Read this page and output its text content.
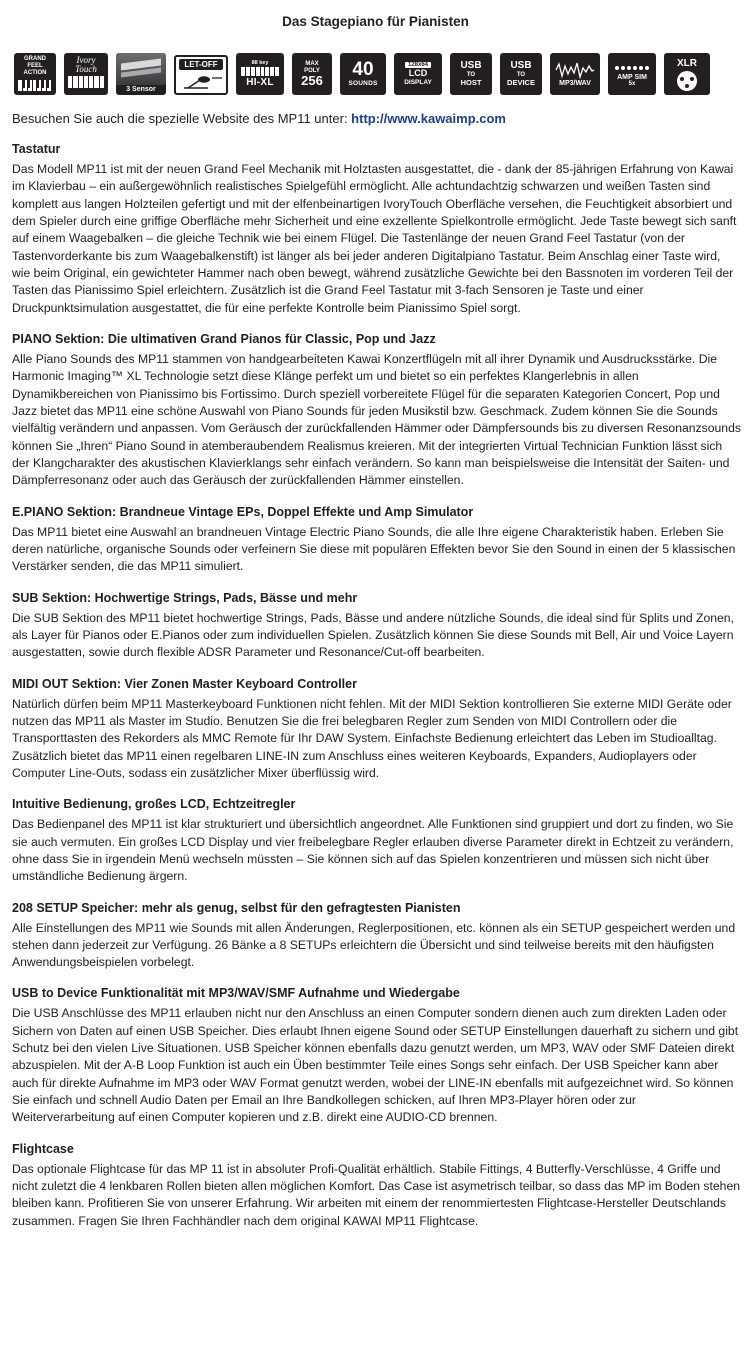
Das Stagepiano für Pianisten
GRAND
FEEL
ACTION
Ivory
Touch
3 Sensor
LET-OFF	88 key
HI-XL
MAX
POLY
256 40
SOUNDS
128x64
LCD
DISPLAY
USB
TO
HOST
USB
TO
DEVICE	MP3/WAV
AMP SIM
5x
XLR

Besuchen Sie auch die spezielle Website des MP11 unter: http://www.kawaimp.com

Tastatur

Das Modell MP11 ist mit der neuen Grand Feel Mechanik mit Holztasten ausgestattet, die - dank der 85-jährigen Erfahrung von Kawai im Klavierbau – ein außergewöhnlich realistisches Spielgefühl ermöglicht. Alle achtundachtzig schwarzen und weißen Tasten sind komplett aus langen Holzteilen gefertigt und mit der elfenbeinartigen IvoryTouch Oberfläche versehen, die Feuchtigkeit absorbiert und dem Spieler durch eine griffige Oberfläche mehr Sicherheit und eine exzellente Spielkontrolle ermöglicht. Jede Taste bewegt sich sanft auf einem Waagebalken – die gleiche Technik wie bei einem Flügel. Die Tastenlänge der neuen Grand Feel Tastatur (von der Tastenvorderkante bis zum Waagebalkenstift) ist länger als bei jeder anderen Digitalpiano Tastatur. Beim Anschlag einer Taste wird, wie beim Original, ein gewichteter Hammer nach oben bewegt, während zusätzliche Gewichte bei den Bassnoten im vorderen Teil der Tasten das Pianissimo Spiel erleichtern. Zusätzlich ist die Grand Feel Tastatur mit 3-fach Sensoren je Taste und einer Druckpunktsimulation ausgestattet, die für eine perfekte Kontrolle beim Pianissimo Spiel sorgt.

PIANO Sektion: Die ultimativen Grand Pianos für Classic, Pop und Jazz

Alle Piano Sounds des MP11 stammen von handgearbeiteten Kawai Konzertflügeln mit all ihrer Dynamik und Ausdrucksstärke. Die Harmonic Imaging™ XL Technologie setzt diese Klänge perfekt um und bietet so ein perfektes Klangerlebnis in allen Dynamikbereichen von Pianissimo bis Fortissimo. Durch speziell vorbereitete Flügel für die separaten Kategorien Concert, Pop und Jazz bietet das MP11 eine schöne Auswahl von Piano Sounds für jeden Musikstil bzw. Geschmack. Zudem können Sie die Sounds vielfältig verändern und anpassen. Vom Geräusch der zurückfallenden Hämmer oder Dämpfersounds bis zu diversen Resonanzsounds können Sie „Ihren“ Piano Sound in atemberaubendem Realismus kreieren. Mit der integrierten Virtual Technician Funktion lässt sich der Klangcharakter des akustischen Klavierklangs sehr einfach verändern. So kann man beispielsweise die Intensität der Saiten- und Dämpferresonanz oder auch das Geräusch der zurückfallenden Hämmer einstellen.

E.PIANO Sektion: Brandneue Vintage EPs, Doppel Effekte und Amp Simulator

Das MP11 bietet eine Auswahl an brandneuen Vintage Electric Piano Sounds, die alle Ihre eigene Charakteristik haben. Erleben Sie deren natürliche, organische Sounds oder verfeinern Sie diese mit populären Effekten bevor Sie den Sound in einen der 5 klassischen Verstärker senden, die das MP11 simuliert.

SUB Sektion: Hochwertige Strings, Pads, Bässe und mehr

Die SUB Sektion des MP11 bietet hochwertige Strings, Pads, Bässe und andere nützliche Sounds, die ideal sind für Splits und Zonen, als Layer für Pianos oder E.Pianos oder zum individuellen Spielen. Zusätzlich können Sie diese Sounds mit Bell, Air und Voice Layern ausgestatten, sowie durch flexible ADSR Parameter und Resonance/Cut-off bearbeiten.

MIDI OUT Sektion: Vier Zonen Master Keyboard Controller

Natürlich dürfen beim MP11 Masterkeyboard Funktionen nicht fehlen. Mit der MIDI Sektion kontrollieren Sie externe MIDI Geräte oder nutzen das MP11 als Master im Studio. Benutzen Sie die frei belegbaren Regler zum Senden von MIDI Controllern oder die Transporttasten des Rekorders als MMC Remote für Ihr DAW System. Einfachste Bedienung erleichtert das Leben im Studioalltag. Zusätzlich bietet das MP11 einen regelbaren LINE-IN zum Anschluss eines weiteren Keyboards, Expanders, Audioplayers oder Computer Line-Outs, sodass ein zusätzlicher Mixer überflüssig wird.

Intuitive Bedienung, großes LCD, Echtzeitregler

Das Bedienpanel des MP11 ist klar strukturiert und übersichtlich angeordnet. Alle Funktionen sind gruppiert und dort zu finden, wo Sie sie auch vermuten. Ein großes LCD Display und vier freibelegbare Regler erlauben diverse Parameter direkt in Echtzeit zu verändern, ohne dass Sie in irgendein Menü wechseln müssten – Sie können sich auf das Spielen konzentrieren und müssen sich nicht über umständliche Bedienung ärgern.

208 SETUP Speicher: mehr als genug, selbst für den gefragtesten Pianisten

Alle Einstellungen des MP11 wie Sounds mit allen Änderungen, Reglerpositionen, etc. können als ein SETUP gespeichert werden und stehen dann jederzeit zur Verfügung. 26 Bänke a 8 SETUPs erleichtern die Übersicht und sind teilweise bereits mit den häufigsten Anwendungsbeispielen vorbelegt.

USB to Device Funktionalität mit MP3/WAV/SMF Aufnahme und Wiedergabe

Die USB Anschlüsse des MP11 erlauben nicht nur den Anschluss an einen Computer sondern dienen auch zum direkten Laden oder Sichern von Daten auf einen USB Speicher. Dies erlaubt Ihnen eigene Sound oder SETUP Einstellungen dauerhaft zu sichern und gibt Schutz bei den vielen Live Situationen. USB Speicher können ebenfalls dazu genutzt werden, um MP3, WAV oder SMF Dateien direkt abzuspielen. Mit der A-B Loop Funktion ist auch ein Üben bestimmter Teile eines Songs sehr einfach. Der USB Speicher kann aber auch für direkte Aufnahme im MP3 oder WAV Format genutzt werden, wobei der LINE-IN ebenfalls mit aufgezeichnet wird. So können Sie einfach und schnell Audio Daten per Email an Ihre Bandkollegen schicken, auf Ihren MP3-Player hören oder zur Weiterverarbeitung auf einen Computer kopieren und z.B. direkt eine AUDIO-CD brennen.

Flightcase

Das optionale Flightcase für das MP 11 ist in absoluter Profi-Qualität erhältlich. Stabile Fittings, 4 Butterfly-Verschlüsse, 4 Griffe und nicht zuletzt die 4 lenkbaren Rollen bieten allen möglichen Komfort. Das Case ist asymetrisch teilbar, so dass das MP im Boden stehen bleiben kann. Profitieren Sie von unserer Erfahrung. Wir arbeiten mit einem der renommiertesten Flightcase-Hersteller Deutschlands zusammen. Fragen Sie Ihren Fachhändler nach dem original KAWAI MP11 Flightcase.
